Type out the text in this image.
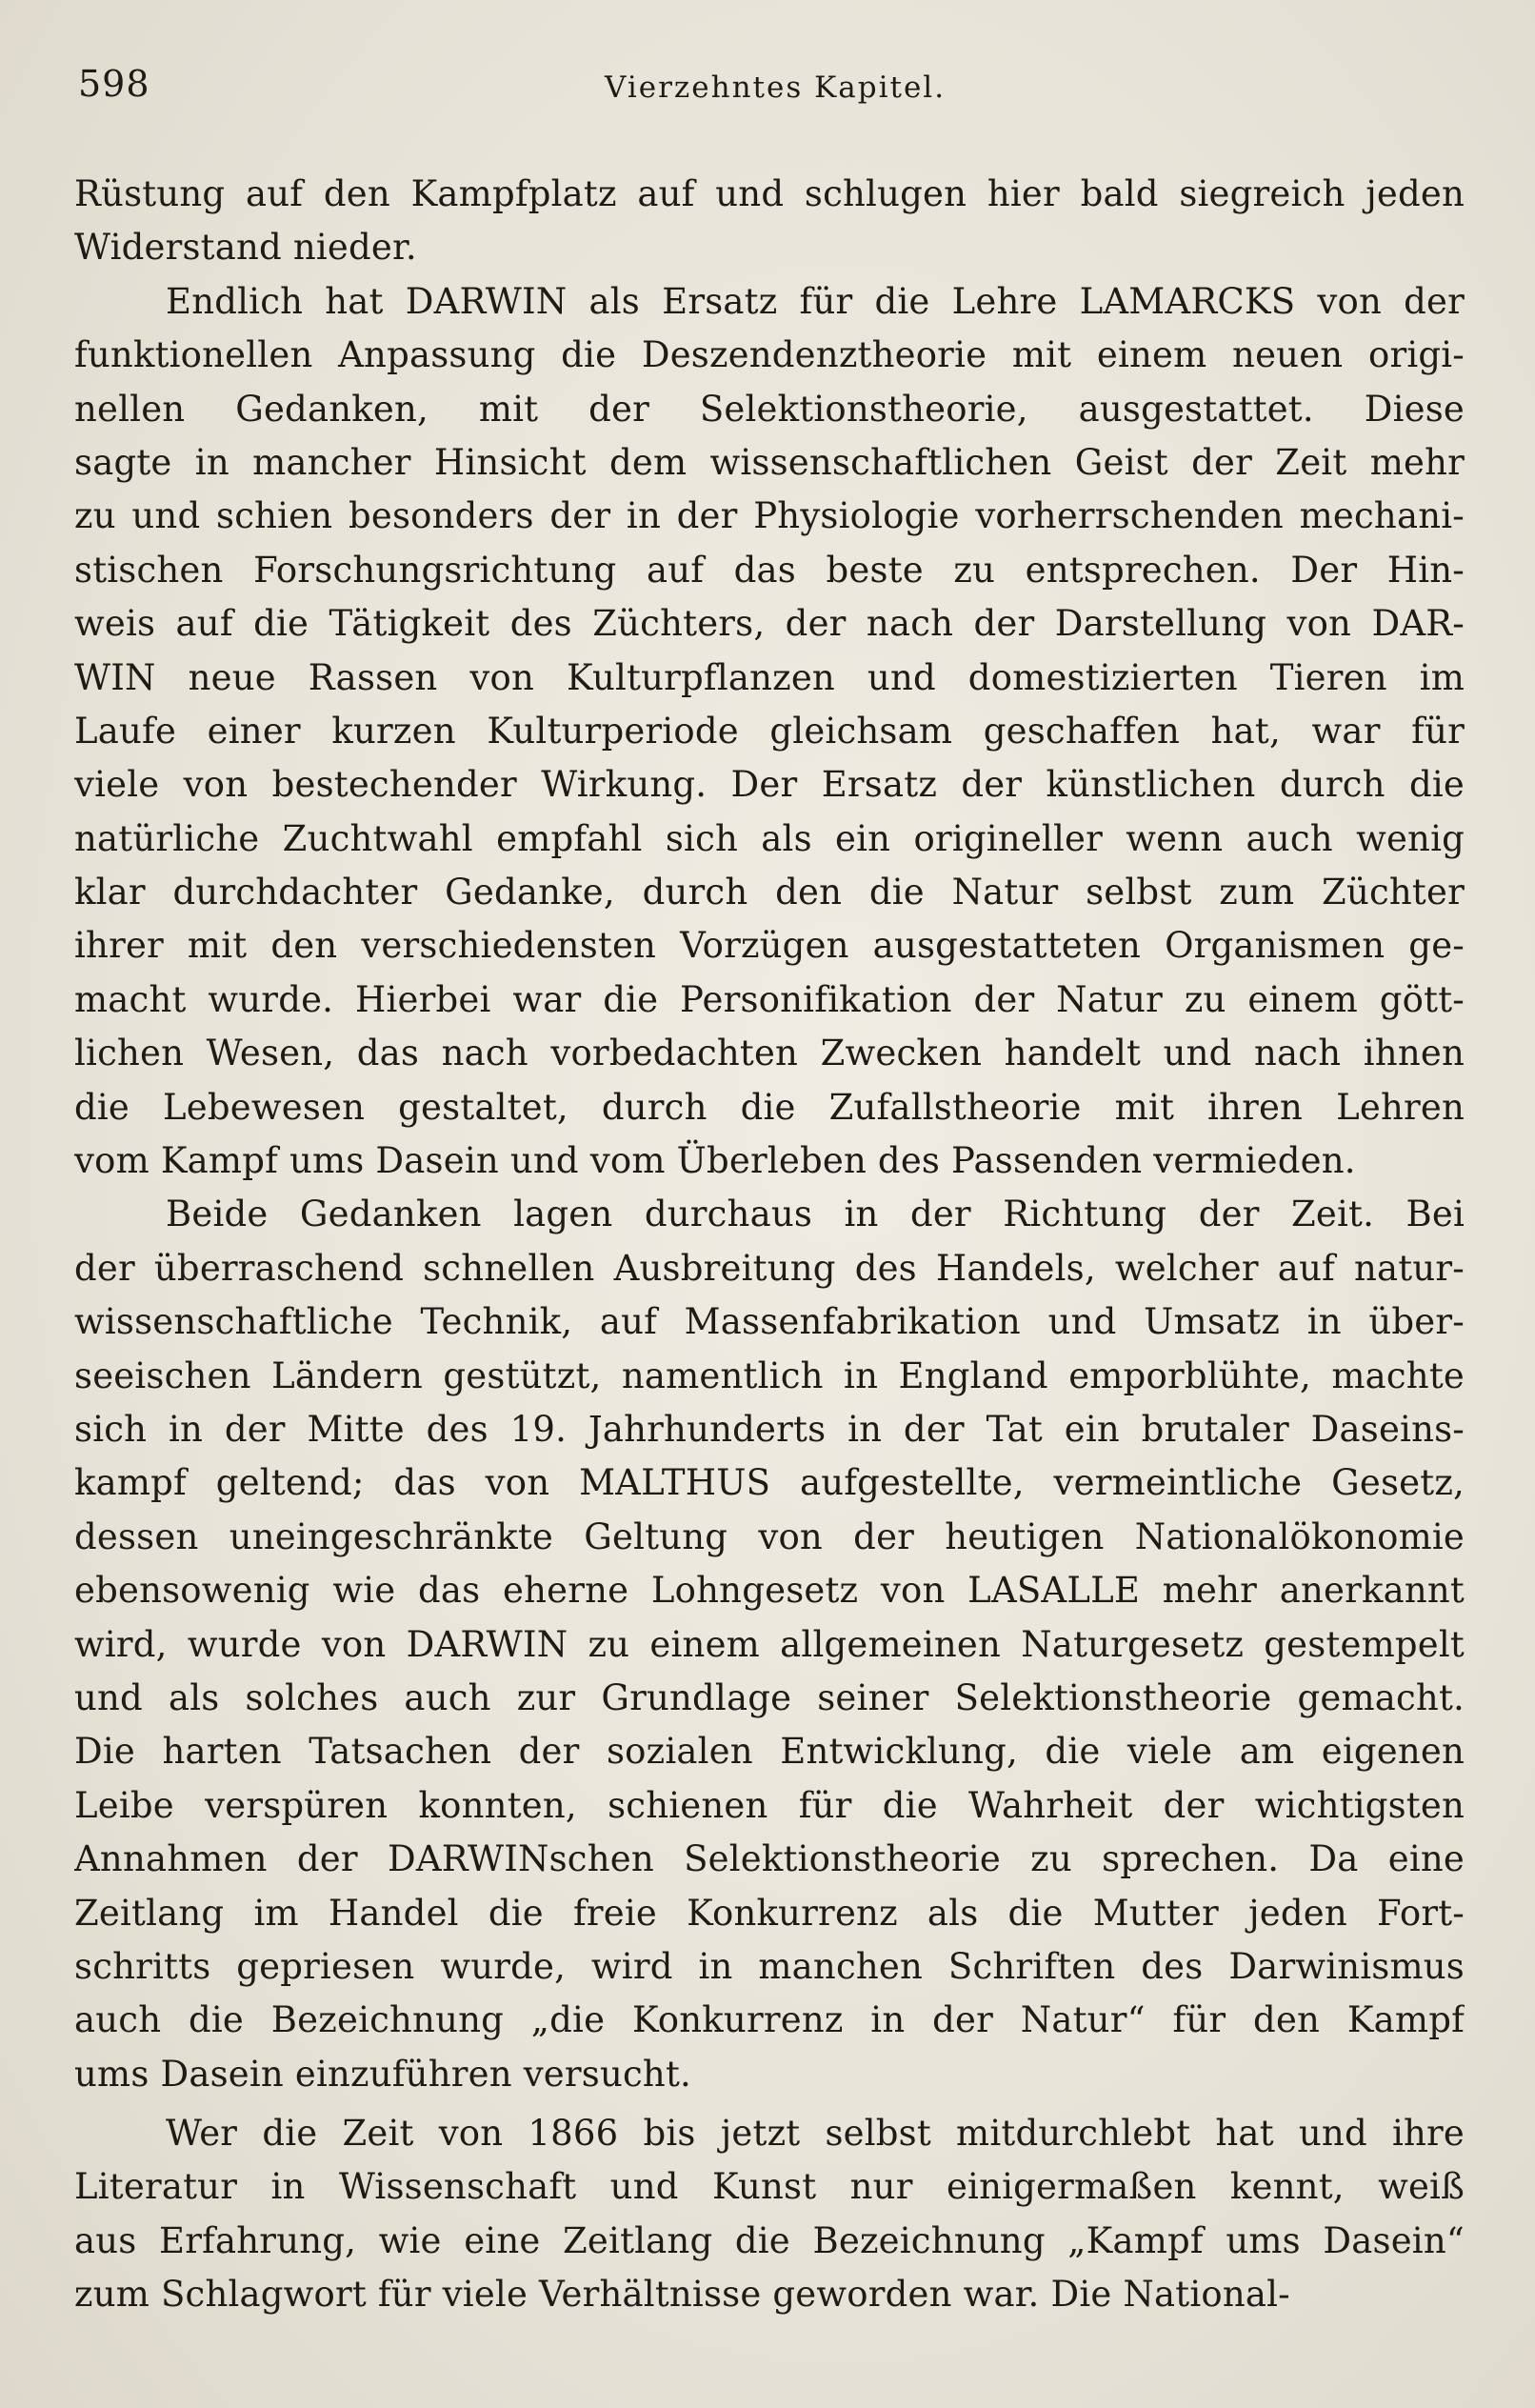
598	Vierzehntes Kapitel.
Rüstung auf den Kampfplatz auf und schlugen hier bald siegreich jeden
Widerstand nieder.
Endlich hat DARWIN als Ersatz für die Lehre LAMARCKS von der
funktionellen Anpassung die Deszendenztheorie mit einem neuen origi-
nellen Gedanken, mit der Selektionstheorie, ausgestattet. Diese
sagte in mancher Hinsicht dem wissenschaftlichen Geist der Zeit mehr
zu und schien besonders der in der Physiologie vorherrschenden mechani-
stischen Forschungsrichtung auf das beste zu entsprechen. Der Hin-
weis auf die Tätigkeit des Züchters, der nach der Darstellung von DAR-
WIN neue Rassen von Kulturpflanzen und domestizierten Tieren im
Laufe einer kurzen Kulturperiode gleichsam geschaffen hat, war für
viele von bestechender Wirkung. Der Ersatz der künstlichen durch die
natürliche Zuchtwahl empfahl sich als ein origineller wenn auch wenig
klar durchdachter Gedanke, durch den die Natur selbst zum Züchter
ihrer mit den verschiedensten Vorzügen ausgestatteten Organismen ge-
macht wurde. Hierbei war die Personifikation der Natur zu einem gött-
lichen Wesen, das nach vorbedachten Zwecken handelt und nach ihnen
die Lebewesen gestaltet, durch die Zufallstheorie mit ihren Lehren
vom Kampf ums Dasein und vom Überleben des Passenden vermieden.
Beide Gedanken lagen durchaus in der Richtung der Zeit. Bei
der überraschend schnellen Ausbreitung des Handels, welcher auf natur-
wissenschaftliche Technik, auf Massenfabrikation und Umsatz in über-
seeischen Ländern gestützt, namentlich in England emporblühte, machte
sich in der Mitte des 19. Jahrhunderts in der Tat ein brutaler Daseins-
kampf geltend; das von MALTHUS aufgestellte, vermeintliche Gesetz,
dessen uneingeschränkte Geltung von der heutigen Nationalökonomie
ebensowenig wie das eherne Lohngesetz von LASALLE mehr anerkannt
wird, wurde von DARWIN zu einem allgemeinen Naturgesetz gestempelt
und als solches auch zur Grundlage seiner Selektionstheorie gemacht.
Die harten Tatsachen der sozialen Entwicklung, die viele am eigenen
Leibe verspüren konnten, schienen für die Wahrheit der wichtigsten
Annahmen der DARWINschen Selektionstheorie zu sprechen. Da eine
Zeitlang im Handel die freie Konkurrenz als die Mutter jeden Fort-
schritts gepriesen wurde, wird in manchen Schriften des Darwinismus
auch die Bezeichnung „die Konkurrenz in der Natur“ für den Kampf
ums Dasein einzuführen versucht.
Wer die Zeit von 1866 bis jetzt selbst mitdurchlebt hat und ihre
Literatur in Wissenschaft und Kunst nur einigermaßen kennt, weiß
aus Erfahrung, wie eine Zeitlang die Bezeichnung „Kampf ums Dasein“
zum Schlagwort für viele Verhältnisse geworden war. Die National-
